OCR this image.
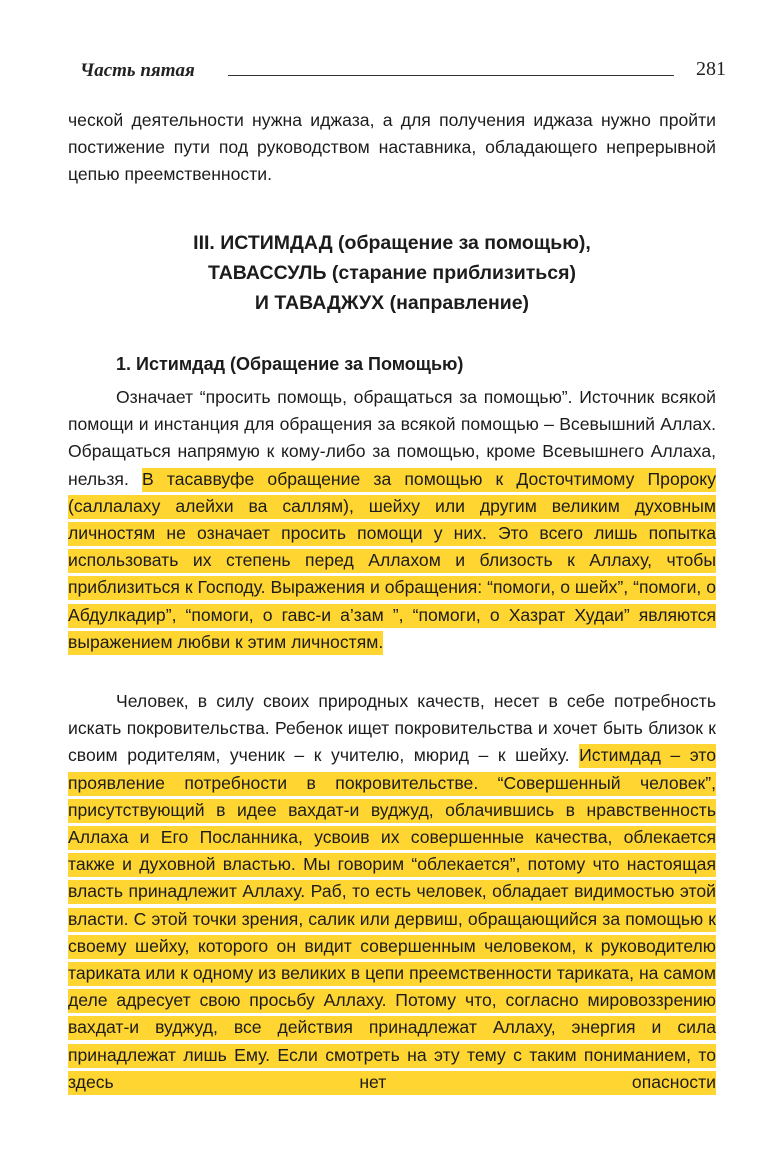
Часть пятая	281

ческой деятельности нужна иджаза, а для получения иджаза нужно пройти постижение пути под руководством наставника, обладающего непрерывной цепью преемственности.

III. ИСТИМДАД (обращение за помощью),
ТАВАССУЛЬ (старание приблизиться)
И ТАВАДЖУХ (направление)
1. Истимдад (Обращение за Помощью)

Означает “просить помощь, обращаться за помощью”. Источник всякой помощи и инстанция для обращения за всякой помощью – Всевышний Аллах. Обращаться напрямую к кому-либо за помощью, кроме Всевышнего Аллаха, нельзя. В тасаввуфе обращение за помощью к Досточтимому Пророку (саллалаху алейхи ва саллям), шейху или другим великим духовным личностям не означает просить помощи у них. Это всего лишь попытка использовать их степень перед Аллахом и близость к Аллаху, чтобы приблизиться к Господу. Выражения и обращения: “помоги, о шейх”, “помоги, о Абдулкадир”, “помоги, о гавс-и а’зам ”, “помоги, о Хазрат Худаи” являются выражением любви к этим личностям.

Человек, в силу своих природных качеств, несет в себе потребность искать покровительства. Ребенок ищет покровительства и хочет быть близок к своим родителям, ученик – к учителю, мюрид – к шейху. Истимдад – это проявление потребности в покровительстве. “Совершенный человек”, присутствующий в идее вахдат-и вуджуд, облачившись в нравственность Аллаха и Его Посланника, усвоив их совершенные качества, облекается также и духовной властью. Мы говорим “облекается”, потому что настоящая власть принадлежит Аллаху. Раб, то есть человек, обладает видимостью этой власти. С этой точки зрения, салик или дервиш, обращающийся за помощью к своему шейху, которого он видит совершенным человеком, к руководителю тариката или к одному из великих в цепи преемственности тариката, на самом деле адресует свою просьбу Аллаху. Потому что, согласно мировоззрению вахдат-и вуджуд, все действия принадлежат Аллаху, энергия и сила принадлежат лишь Ему. Если смотреть на эту тему с таким пониманием, то здесь нет опасности
